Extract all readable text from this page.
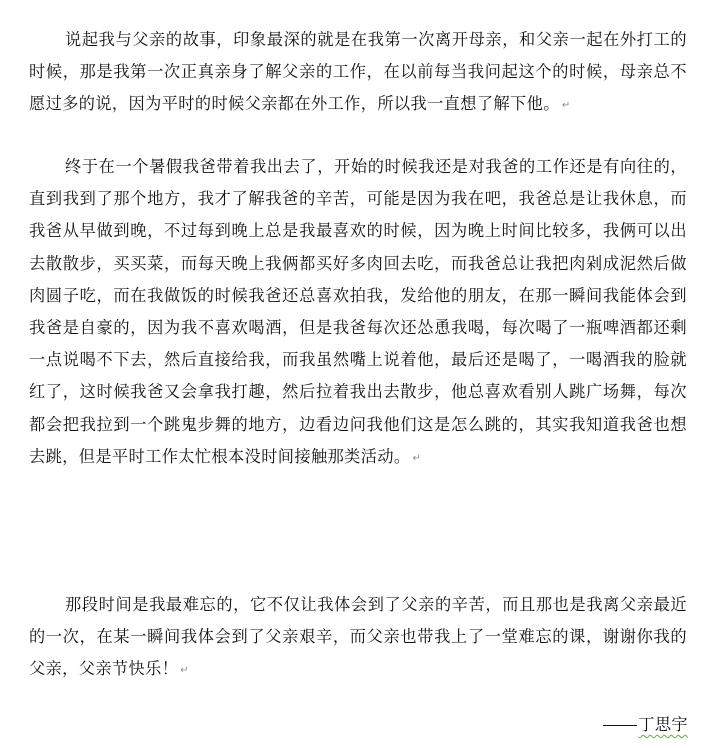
说起我与父亲的故事，印象最深的就是在我第一次离开母亲，和父亲一起在外打工的时候，那是我第一次正真亲身了解父亲的工作，在以前每当我问起这个的时候，母亲总不愿过多的说，因为平时的时候父亲都在外工作，所以我一直想了解下他。 ↵

终于在一个暑假我爸带着我出去了，开始的时候我还是对我爸的工作还是有向往的，直到我到了那个地方，我才了解我爸的辛苦，可能是因为我在吧，我爸总是让我休息，而我爸从早做到晚，不过每到晚上总是我最喜欢的时候，因为晚上时间比较多，我俩可以出去散散步，买买菜，而每天晚上我俩都买好多肉回去吃，而我爸总让我把肉剁成泥然后做肉圆子吃，而在我做饭的时候我爸还总喜欢拍我，发给他的朋友，在那一瞬间我能体会到我爸是自豪的，因为我不喜欢喝酒，但是我爸每次还怂恿我喝，每次喝了一瓶啤酒都还剩一点说喝不下去，然后直接给我，而我虽然嘴上说着他，最后还是喝了，一喝酒我的脸就红了，这时候我爸又会拿我打趣，然后拉着我出去散步，他总喜欢看别人跳广场舞，每次都会把我拉到一个跳鬼步舞的地方，边看边问我他们这是怎么跳的，其实我知道我爸也想去跳，但是平时工作太忙根本没时间接触那类活动。 ↵

那段时间是我最难忘的，它不仅让我体会到了父亲的辛苦，而且那也是我离父亲最近的一次，在某一瞬间我体会到了父亲艰辛，而父亲也带我上了一堂难忘的课，谢谢你我的父亲，父亲节快乐！ ↵

丁思宇
